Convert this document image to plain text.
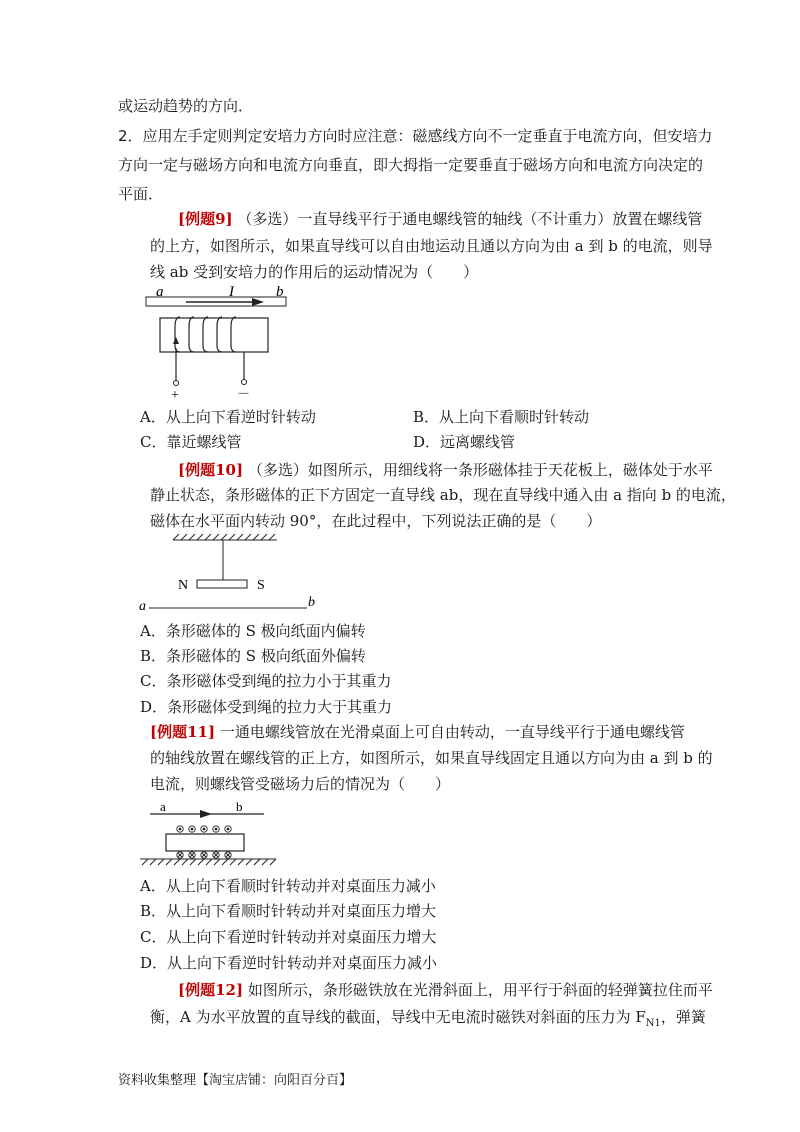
或运动趋势的方向．
2．应用左手定则判定安培力方向时应注意：磁感线方向不一定垂直于电流方向，但安培力
方向一定与磁场方向和电流方向垂直，即大拇指一定要垂直于磁场方向和电流方向决定的
平面．
[例题9] （多选）一直导线平行于通电螺线管的轴线（不计重力）放置在螺线管
的上方，如图所示，如果直导线可以自由地运动且通以方向为由 a 到 b 的电流，则导
线 ab 受到安培力的作用后的运动情况为（　　）
a	I	b
+	－
A．从上向下看逆时针转动	B．从上向下看顺时针转动
C．靠近螺线管	D．远离螺线管
[例题10] （多选）如图所示，用细线将一条形磁体挂于天花板上，磁体处于水平
静止状态，条形磁体的正下方固定一直导线 ab，现在直导线中通入由 a 指向 b 的电流，
磁体在水平面内转动 90°，在此过程中，下列说法正确的是（　　）
N	S
a	b
A．条形磁体的 S 极向纸面内偏转
B．条形磁体的 S 极向纸面外偏转
C．条形磁体受到绳的拉力小于其重力
D．条形磁体受到绳的拉力大于其重力
[例题11] 一通电螺线管放在光滑桌面上可自由转动，一直导线平行于通电螺线管
的轴线放置在螺线管的正上方，如图所示，如果直导线固定且通以方向为由 a 到 b 的
电流，则螺线管受磁场力后的情况为（　　）
a	b
A．从上向下看顺时针转动并对桌面压力减小
B．从上向下看顺时针转动并对桌面压力增大
C．从上向下看逆时针转动并对桌面压力增大
D．从上向下看逆时针转动并对桌面压力减小
[例题12] 如图所示，条形磁铁放在光滑斜面上，用平行于斜面的轻弹簧拉住而平
衡，A 为水平放置的直导线的截面，导线中无电流时磁铁对斜面的压力为 $F_{N1}$，弹簧
资料收集整理【淘宝店铺：向阳百分百】
